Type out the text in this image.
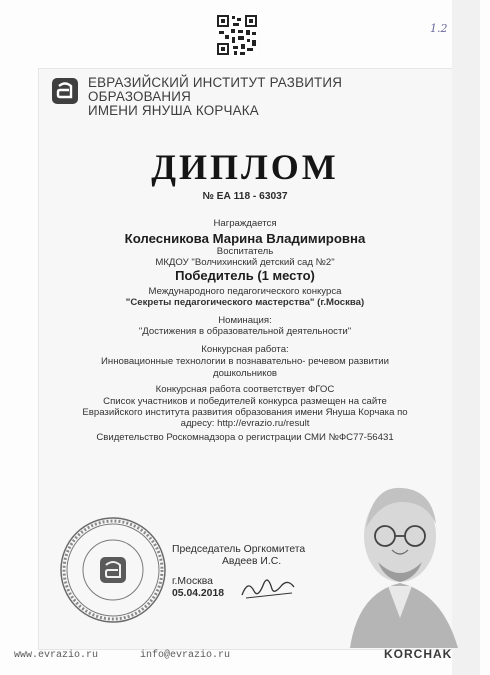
1.2
ЕВРАЗИЙСКИЙ ИНСТИТУТ РАЗВИТИЯ ОБРАЗОВАНИЯ
ИМЕНИ ЯНУША КОРЧАКА
ДИПЛОМ
№ ЕА 118 - 63037
Награждается
Колесникова Марина Владимировна
Воспитатель
МКДОУ "Волчихинский детский сад №2"
Победитель (1 место)
Международного педагогического конкурса
"Секреты педагогического мастерства" (г.Москва)
Номинация:
"Достижения в образовательной деятельности"
Конкурсная работа:
Инновационные технологии в познавательно- речевом развитии
дошкольников
Конкурсная работа соответствует ФГОС
Список участников и победителей конкурса размещен на сайте
Евразийского института развития образования имени Януша Корчака по
адресу: http://evrazio.ru/result
Свидетельство Роскомнадзора о регистрации СМИ №ФС77-56431
Председатель Оргкомитета
Авдеев И.С.
г.Москва
05.04.2018
www.evrazio.ru	info@evrazio.ru	KORCHAK
